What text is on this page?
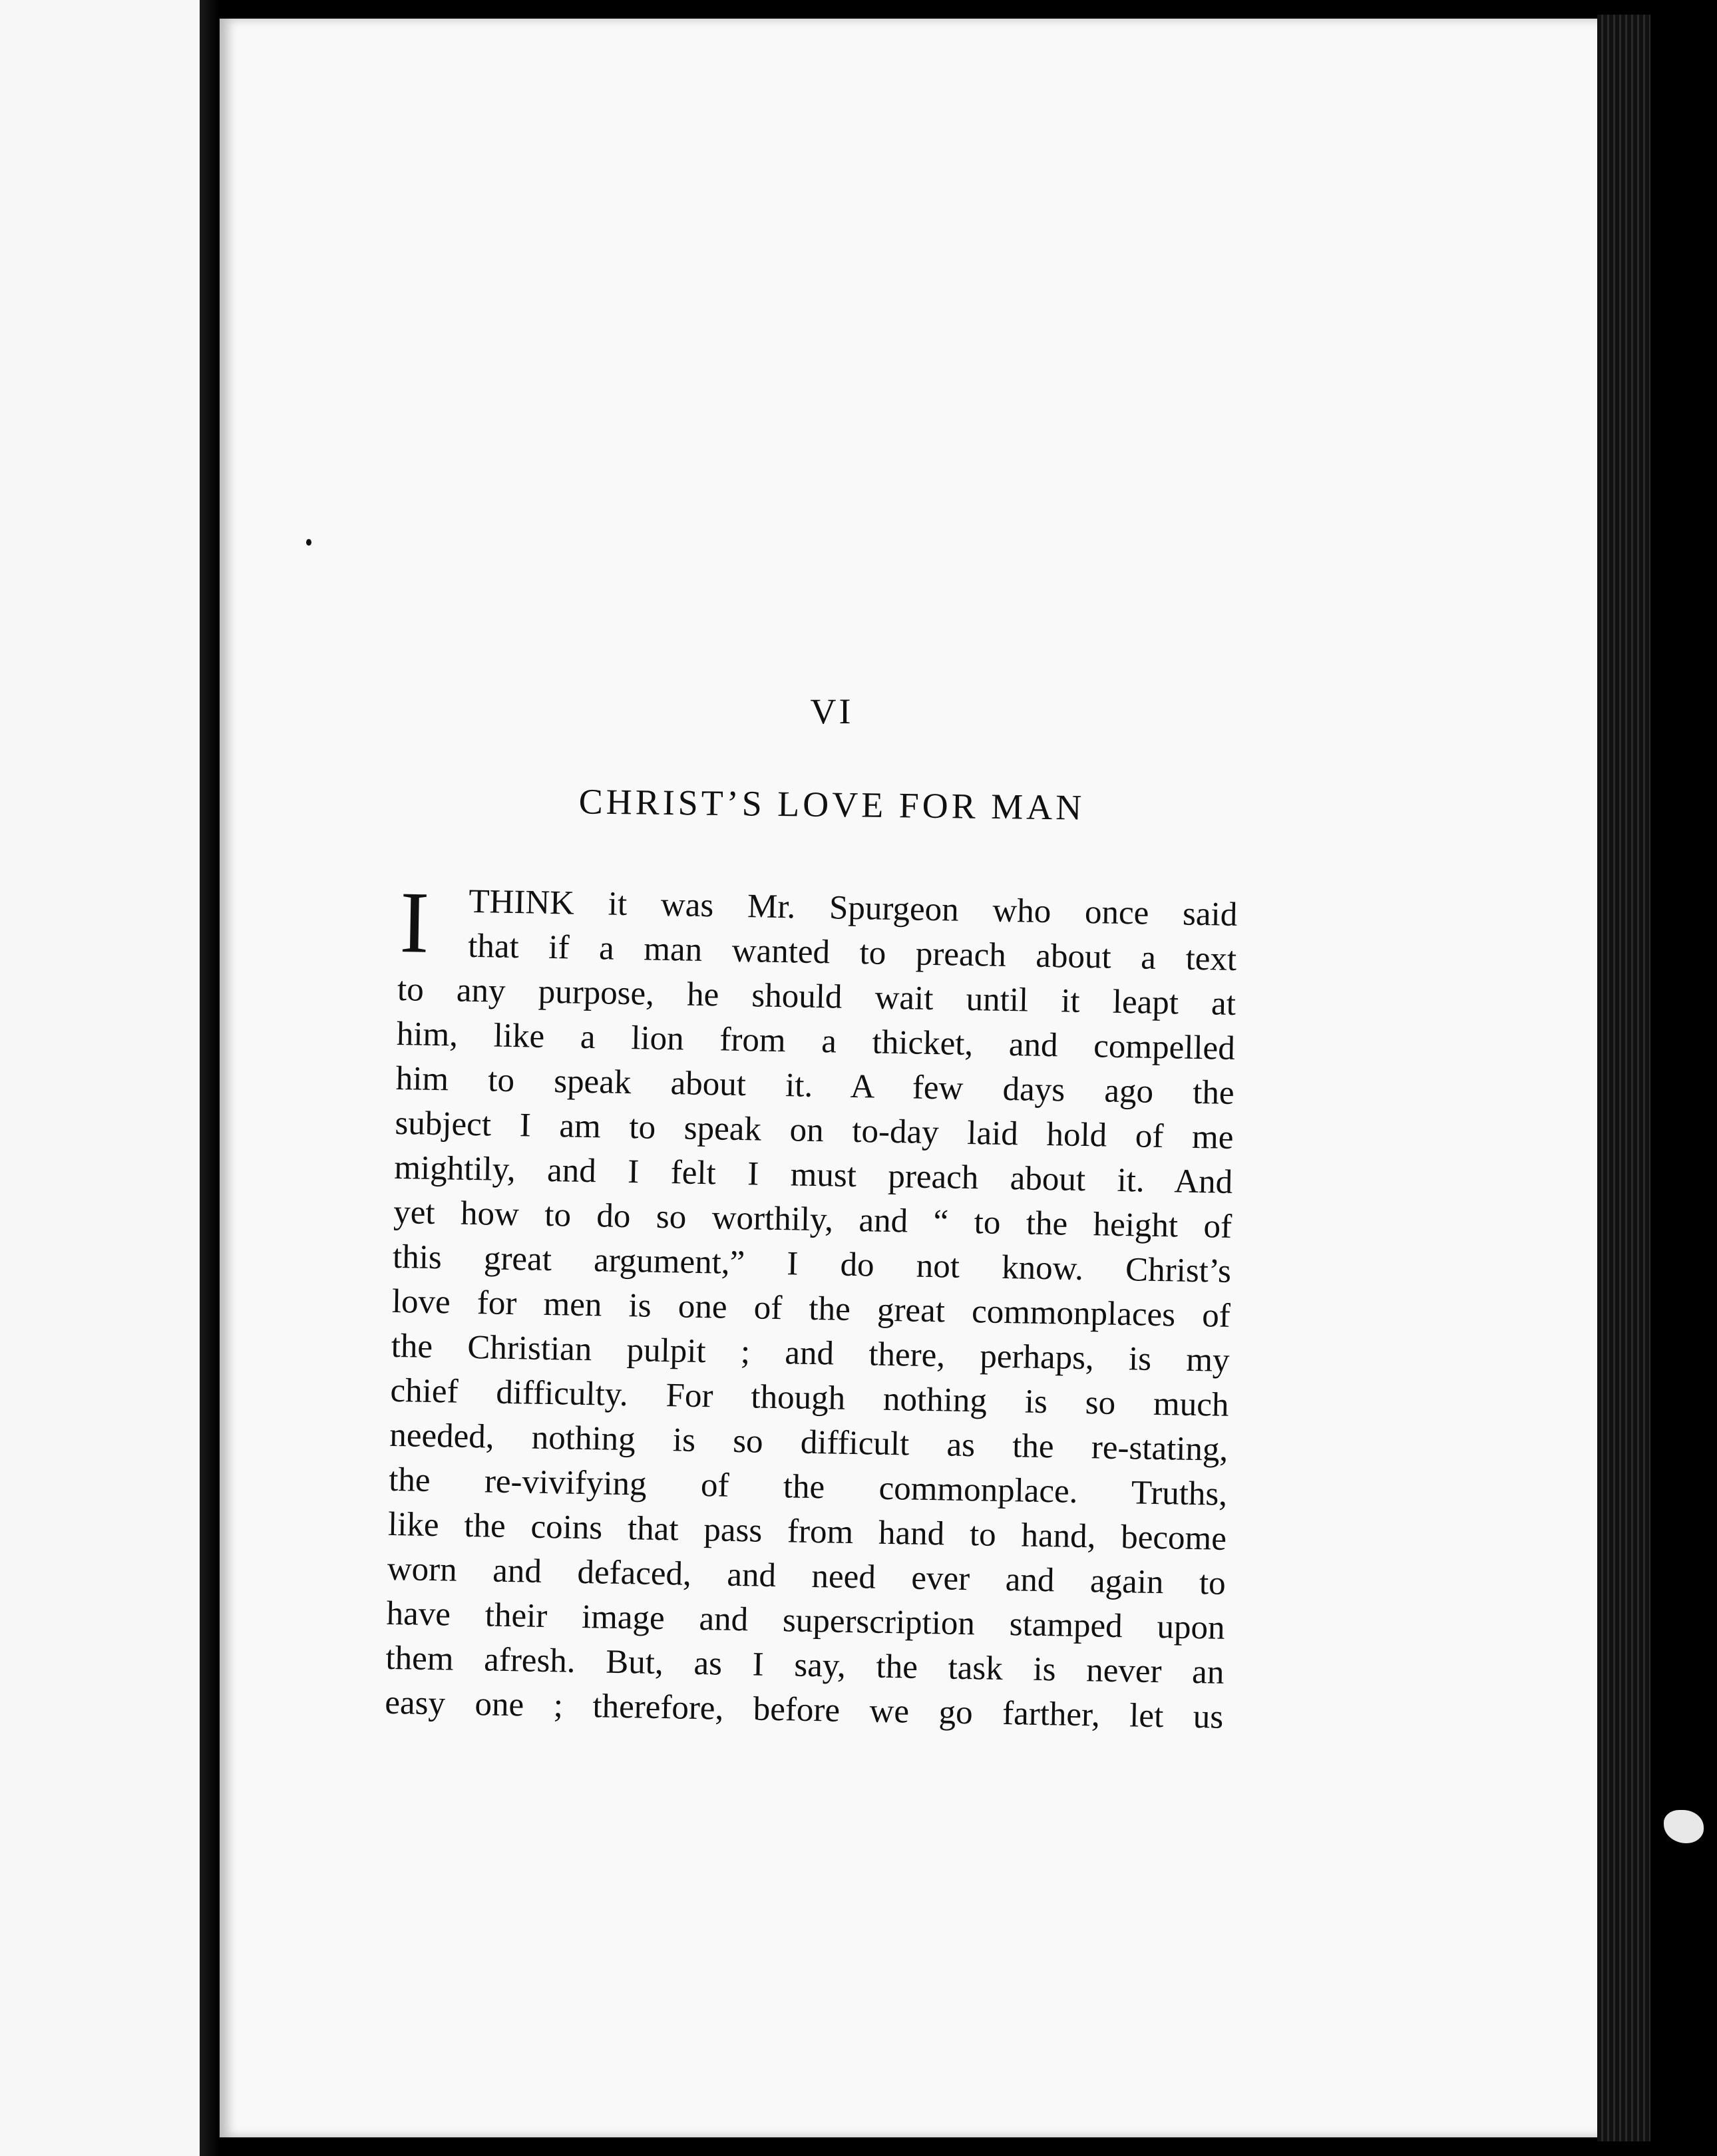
VI
CHRIST’S LOVE FOR MAN
I THINK it was Mr. Spurgeon who once said
that if a man wanted to preach about a text
to any purpose, he should wait until it leapt at
him, like a lion from a thicket, and compelled
him to speak about it. A few days ago the
subject I am to speak on to-day laid hold of me
mightily, and I felt I must preach about it. And
yet how to do so worthily, and “ to the height of
this great argument,” I do not know. Christ’s
love for men is one of the great commonplaces of
the Christian pulpit ; and there, perhaps, is my
chief difficulty. For though nothing is so much
needed, nothing is so difficult as the re-stating,
the re-vivifying of the commonplace. Truths,
like the coins that pass from hand to hand, become
worn and defaced, and need ever and again to
have their image and superscription stamped upon
them afresh. But, as I say, the task is never an
easy one ; therefore, before we go farther, let us
